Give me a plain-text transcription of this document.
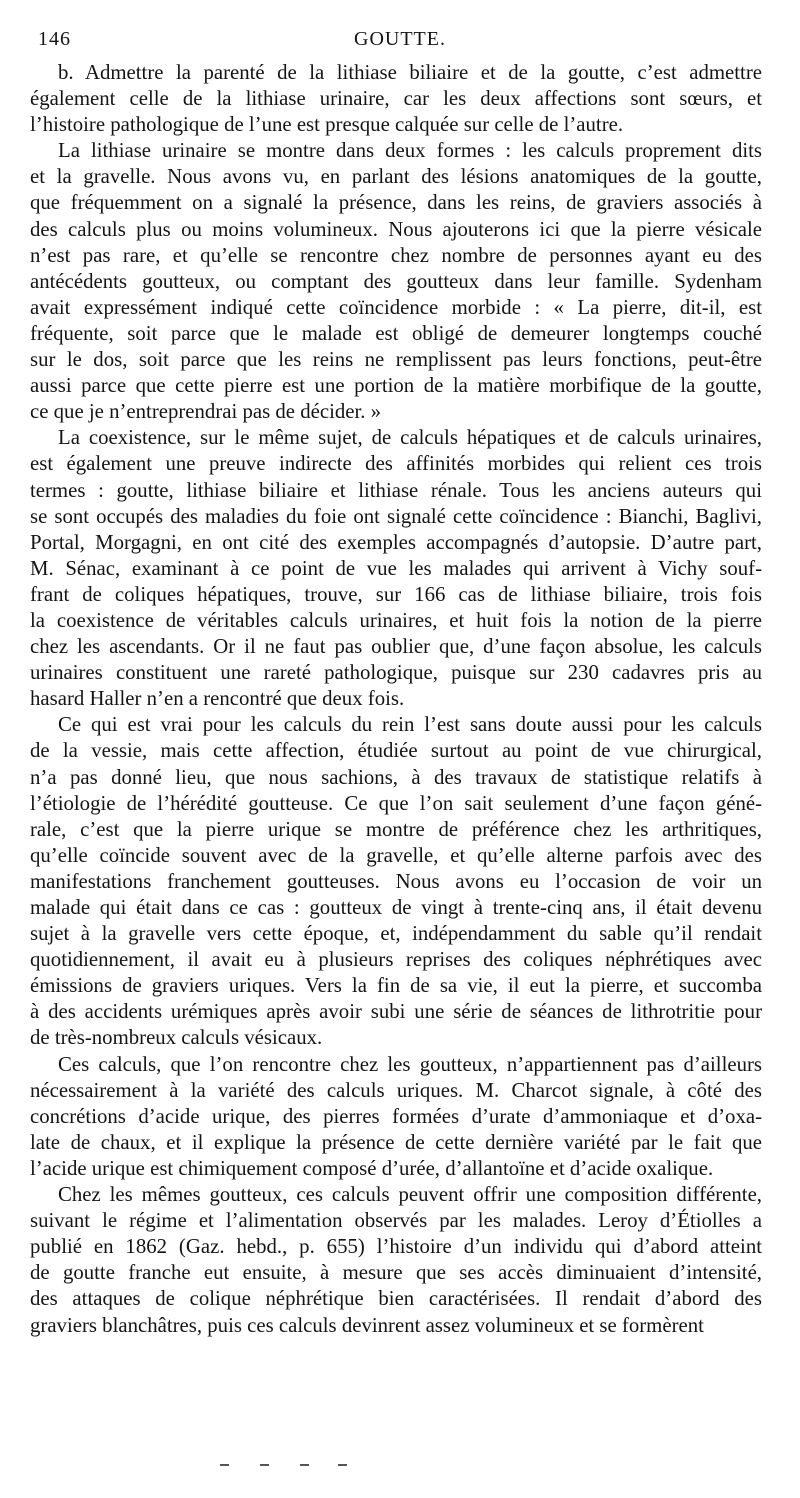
146	GOUTTE.
b. Admettre la parenté de la lithiase biliaire et de la goutte, c’est admettre
également celle de la lithiase urinaire, car les deux affections sont sœurs, et
l’histoire pathologique de l’une est presque calquée sur celle de l’autre.
La lithiase urinaire se montre dans deux formes : les calculs proprement dits
et la gravelle. Nous avons vu, en parlant des lésions anatomiques de la goutte,
que fréquemment on a signalé la présence, dans les reins, de graviers associés à
des calculs plus ou moins volumineux. Nous ajouterons ici que la pierre vésicale
n’est pas rare, et qu’elle se rencontre chez nombre de personnes ayant eu des
antécédents goutteux, ou comptant des goutteux dans leur famille. Sydenham
avait expressément indiqué cette coïncidence morbide : « La pierre, dit-il, est
fréquente, soit parce que le malade est obligé de demeurer longtemps couché
sur le dos, soit parce que les reins ne remplissent pas leurs fonctions, peut-être
aussi parce que cette pierre est une portion de la matière morbifique de la goutte,
ce que je n’entreprendrai pas de décider. »
La coexistence, sur le même sujet, de calculs hépatiques et de calculs urinaires,
est également une preuve indirecte des affinités morbides qui relient ces trois
termes : goutte, lithiase biliaire et lithiase rénale. Tous les anciens auteurs qui
se sont occupés des maladies du foie ont signalé cette coïncidence : Bianchi, Baglivi,
Portal, Morgagni, en ont cité des exemples accompagnés d’autopsie. D’autre part,
M. Sénac, examinant à ce point de vue les malades qui arrivent à Vichy souf-
frant de coliques hépatiques, trouve, sur 166 cas de lithiase biliaire, trois fois
la coexistence de véritables calculs urinaires, et huit fois la notion de la pierre
chez les ascendants. Or il ne faut pas oublier que, d’une façon absolue, les calculs
urinaires constituent une rareté pathologique, puisque sur 230 cadavres pris au
hasard Haller n’en a rencontré que deux fois.
Ce qui est vrai pour les calculs du rein l’est sans doute aussi pour les calculs
de la vessie, mais cette affection, étudiée surtout au point de vue chirurgical,
n’a pas donné lieu, que nous sachions, à des travaux de statistique relatifs à
l’étiologie de l’hérédité goutteuse. Ce que l’on sait seulement d’une façon géné-
rale, c’est que la pierre urique se montre de préférence chez les arthritiques,
qu’elle coïncide souvent avec de la gravelle, et qu’elle alterne parfois avec des
manifestations franchement goutteuses. Nous avons eu l’occasion de voir un
malade qui était dans ce cas : goutteux de vingt à trente-cinq ans, il était devenu
sujet à la gravelle vers cette époque, et, indépendamment du sable qu’il rendait
quotidiennement, il avait eu à plusieurs reprises des coliques néphrétiques avec
émissions de graviers uriques. Vers la fin de sa vie, il eut la pierre, et succomba
à des accidents urémiques après avoir subi une série de séances de lithrotritie pour
de très-nombreux calculs vésicaux.
Ces calculs, que l’on rencontre chez les goutteux, n’appartiennent pas d’ailleurs
nécessairement à la variété des calculs uriques. M. Charcot signale, à côté des
concrétions d’acide urique, des pierres formées d’urate d’ammoniaque et d’oxa-
late de chaux, et il explique la présence de cette dernière variété par le fait que
l’acide urique est chimiquement composé d’urée, d’allantoïne et d’acide oxalique.
Chez les mêmes goutteux, ces calculs peuvent offrir une composition différente,
suivant le régime et l’alimentation observés par les malades. Leroy d’Étiolles a
publié en 1862 (Gaz. hebd., p. 655) l’histoire d’un individu qui d’abord atteint
de goutte franche eut ensuite, à mesure que ses accès diminuaient d’intensité,
des attaques de colique néphrétique bien caractérisées. Il rendait d’abord des
graviers blanchâtres, puis ces calculs devinrent assez volumineux et se formèrent
